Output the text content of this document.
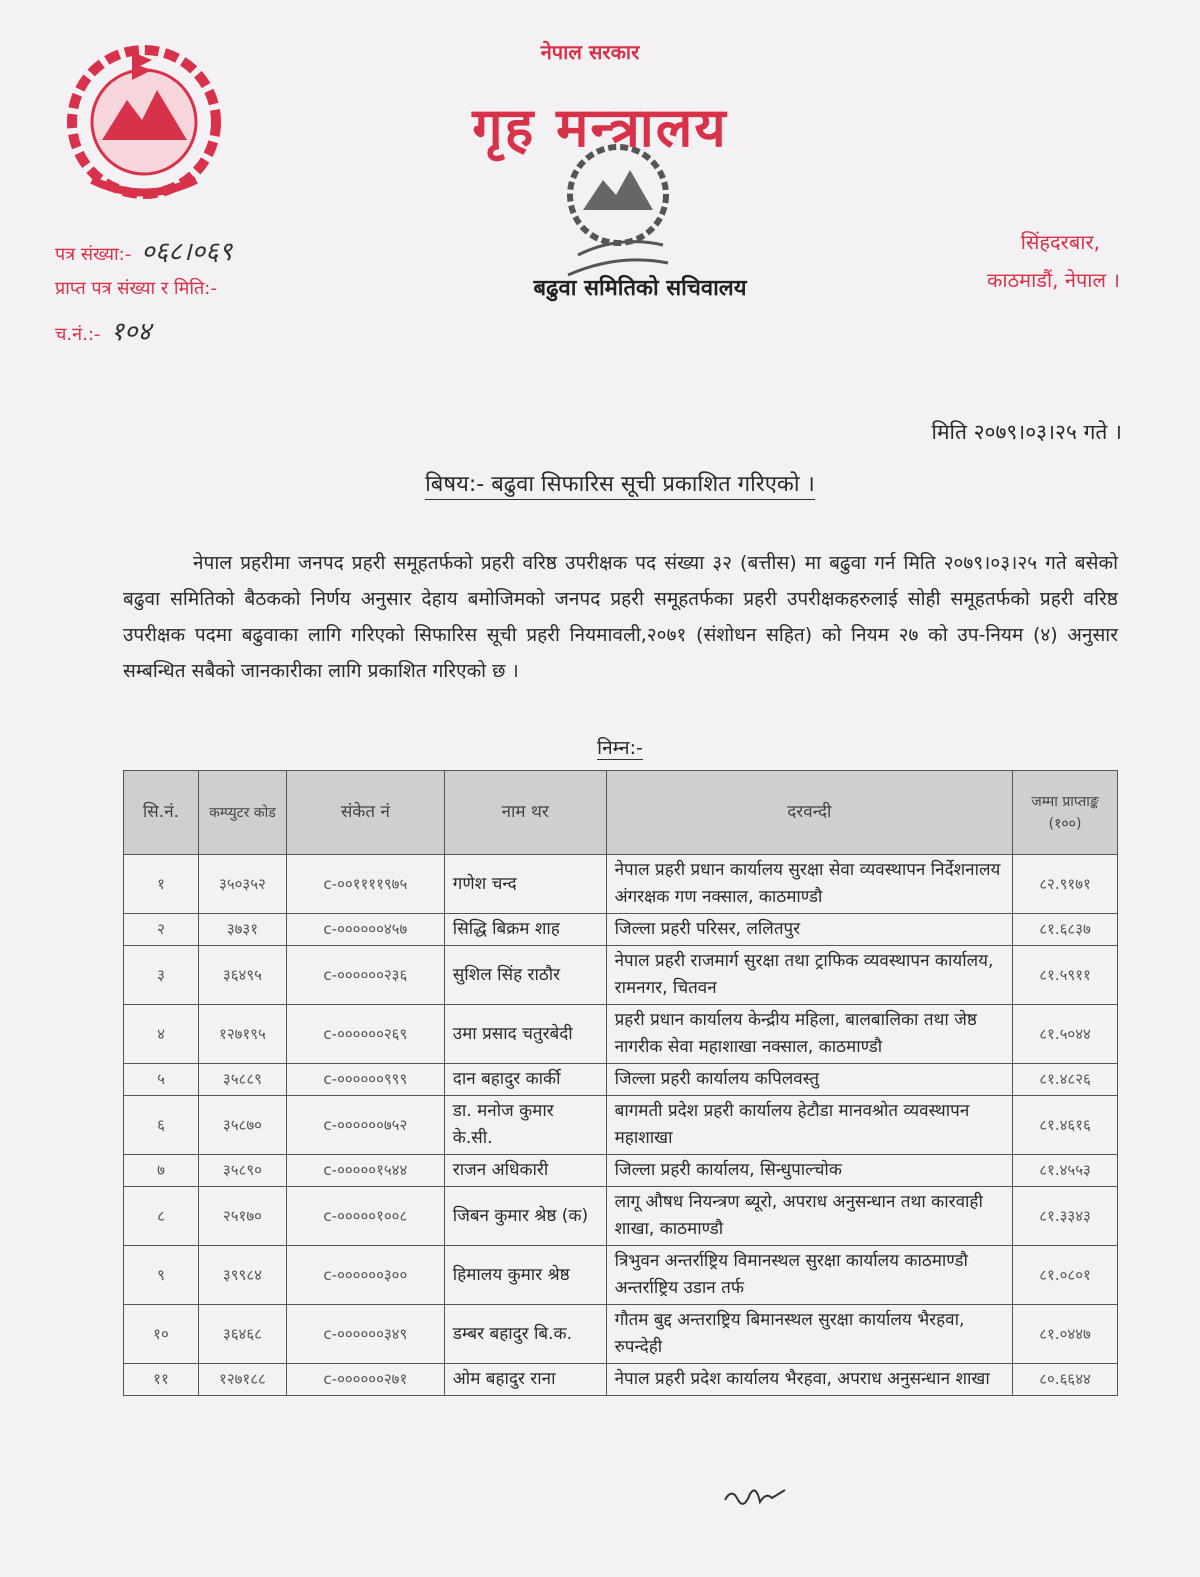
नेपाल सरकार
गृह मन्त्रालय
बढुवा समितिको सचिवालय
पत्र संख्या:- ०६८।०६९
प्राप्त पत्र संख्या र मिति:-
च.नं.:- १०४
सिंहदरबार,
काठमाडौं, नेपाल ।
मिति २०७९।०३।२५ गते ।
बिषय:- बढुवा सिफारिस सूची प्रकाशित गरिएको ।

नेपाल प्रहरीमा जनपद प्रहरी समूहतर्फको प्रहरी वरिष्ठ उपरीक्षक पद संख्या ३२ (बत्तीस) मा बढुवा गर्न मिति २०७९।०३।२५ गते बसेको बढुवा समितिको बैठकको निर्णय अनुसार देहाय बमोजिमको जनपद प्रहरी समूहतर्फका प्रहरी उपरीक्षकहरुलाई सोही समूहतर्फको प्रहरी वरिष्ठ उपरीक्षक पदमा बढुवाका लागि गरिएको सिफारिस सूची प्रहरी नियमावली,२०७१ (संशोधन सहित) को नियम २७ को उप-नियम (४) अनुसार सम्बन्धित सबैको जानकारीका लागि प्रकाशित गरिएको छ ।

निम्न:-
सि.नं.	कम्प्युटर कोड	संकेत नं	नाम थर	दरवन्दी	जम्मा प्राप्ताङ्क (१००)
१	३५०३५२	c-००११११९७५	गणेश चन्द	नेपाल प्रहरी प्रधान कार्यालय सुरक्षा सेवा व्यवस्थापन निर्देशनालय अंगरक्षक गण नक्साल, काठमाण्डौ	८२.९१७१
२	३७३१	c-००००००४५७	सिद्धि बिक्रम शाह	जिल्ला प्रहरी परिसर, ललितपुर	८१.६८३७
३	३६४९५	c-००००००२३६	सुशिल सिंह राठौर	नेपाल प्रहरी राजमार्ग सुरक्षा तथा ट्राफिक व्यवस्थापन कार्यालय, रामनगर, चितवन	८१.५९११
४	१२७१९५	c-००००००२६९	उमा प्रसाद चतुरबेदी	प्रहरी प्रधान कार्यालय केन्द्रीय महिला, बालबालिका तथा जेष्ठ नागरीक सेवा महाशाखा नक्साल, काठमाण्डौ	८१.५०४४
५	३५८८९	c-००००००९९९	दान बहादुर कार्की	जिल्ला प्रहरी कार्यालय कपिलवस्तु	८१.४८२६
६	३५८७०	c-००००००७५२	डा. मनोज कुमार के.सी.	बागमती प्रदेश प्रहरी कार्यालय हेटौडा मानवश्रोत व्यवस्थापन महाशाखा	८१.४६१६
७	३५८९०	c-०००००१५४४	राजन अधिकारी	जिल्ला प्रहरी कार्यालय, सिन्धुपाल्चोक	८१.४५५३
८	२५१७०	c-०००००१००८	जिबन कुमार श्रेष्ठ (क)	लागू औषध नियन्त्रण ब्यूरो, अपराध अनुसन्धान तथा कारवाही शाखा, काठमाण्डौ	८१.३३४३
९	३९९८४	c-००००००३००	हिमालय कुमार श्रेष्ठ	त्रिभुवन अन्तर्राष्ट्रिय विमानस्थल सुरक्षा कार्यालय काठमाण्डौ अन्तर्राष्ट्रिय उडान तर्फ	८१.०८०१
१०	३६४६८	c-००००००३४९	डम्बर बहादुर बि.क.	गौतम बुद्द अन्तराष्ट्रिय बिमानस्थल सुरक्षा कार्यालय भैरहवा, रुपन्देही	८१.०४४७
११	१२७१८८	c-००००००२७१	ओम बहादुर राना	नेपाल प्रहरी प्रदेश कार्यालय भैरहवा, अपराध अनुसन्धान शाखा	८०.६६४४
